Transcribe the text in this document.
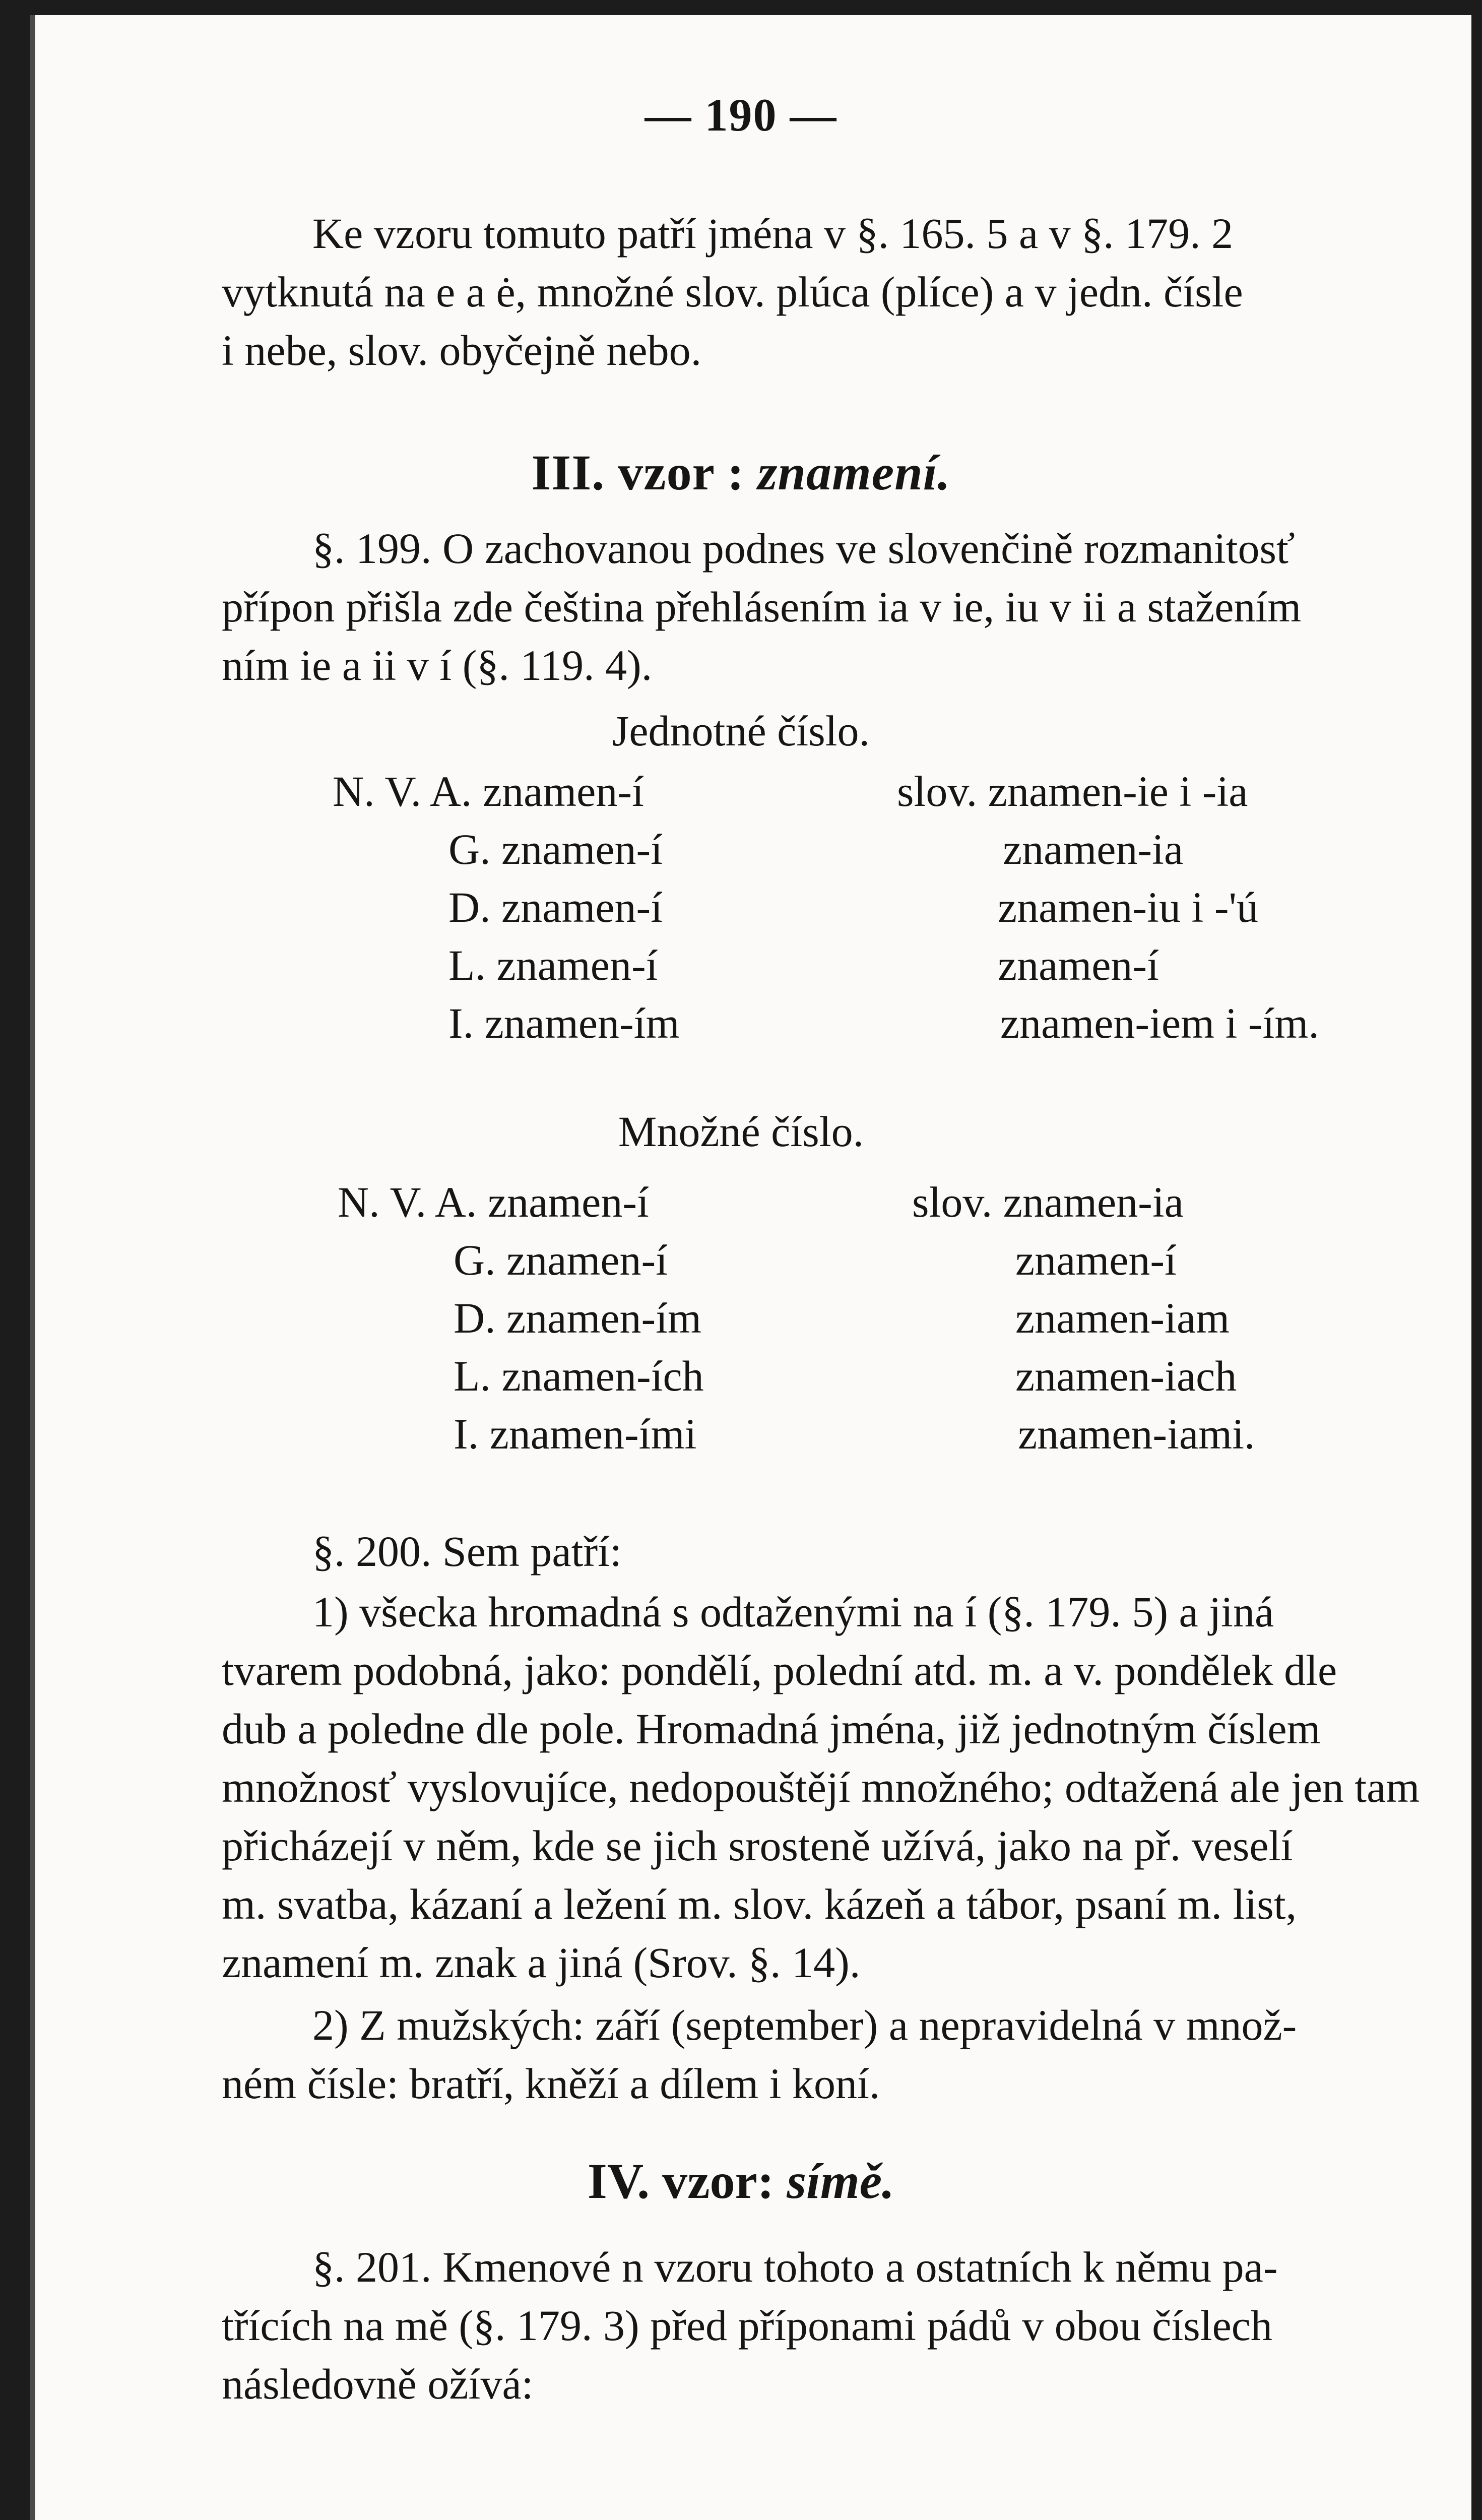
— 190 —
Ke vzoru tomuto patří jména v §. 165. 5 a v §. 179. 2
vytknutá na e a ė, množné slov. plúca (plíce) a v jedn. čísle
i nebe, slov. obyčejně nebo.
III. vzor : znamení.
§. 199. O zachovanou podnes ve slovenčině rozmanitosť
přípon přišla zde čeština přehlásením ia v ie, iu v ii a stažením
ním ie a ii v í (§. 119. 4).
Jednotné číslo.
N. V. A. znamen-í
G. znamen-í
D. znamen-í
L. znamen-í
I. znamen-ím
slov. znamen-ie i -ia
znamen-ia
znamen-iu i -'ú
znamen-í
znamen-iem i -ím.
Množné číslo.
N. V. A. znamen-í
G. znamen-í
D. znamen-ím
L. znamen-ích
I. znamen-ími
slov. znamen-ia
znamen-í
znamen-iam
znamen-iach
znamen-iami.
§. 200. Sem patří:
1) všecka hromadná s odtaženými na í (§. 179. 5) a jiná
tvarem podobná, jako: pondělí, polední atd. m. a v. pondělek dle
dub a poledne dle pole. Hromadná jména, již jednotným číslem
množnosť vyslovujíce, nedopouštějí množného; odtažená ale jen tam
přicházejí v něm, kde se jich srosteně užívá, jako na př. veselí
m. svatba, kázaní a ležení m. slov. kázeň a tábor, psaní m. list,
znamení m. znak a jiná (Srov. §. 14).
2) Z mužských: září (september) a nepravidelná v množ-
ném čísle: bratří, kněží a dílem i koní.
IV. vzor: símě.
§. 201. Kmenové n vzoru tohoto a ostatních k němu pa-
třících na mě (§. 179. 3) před příponami pádů v obou číslech
následovně ožívá:
